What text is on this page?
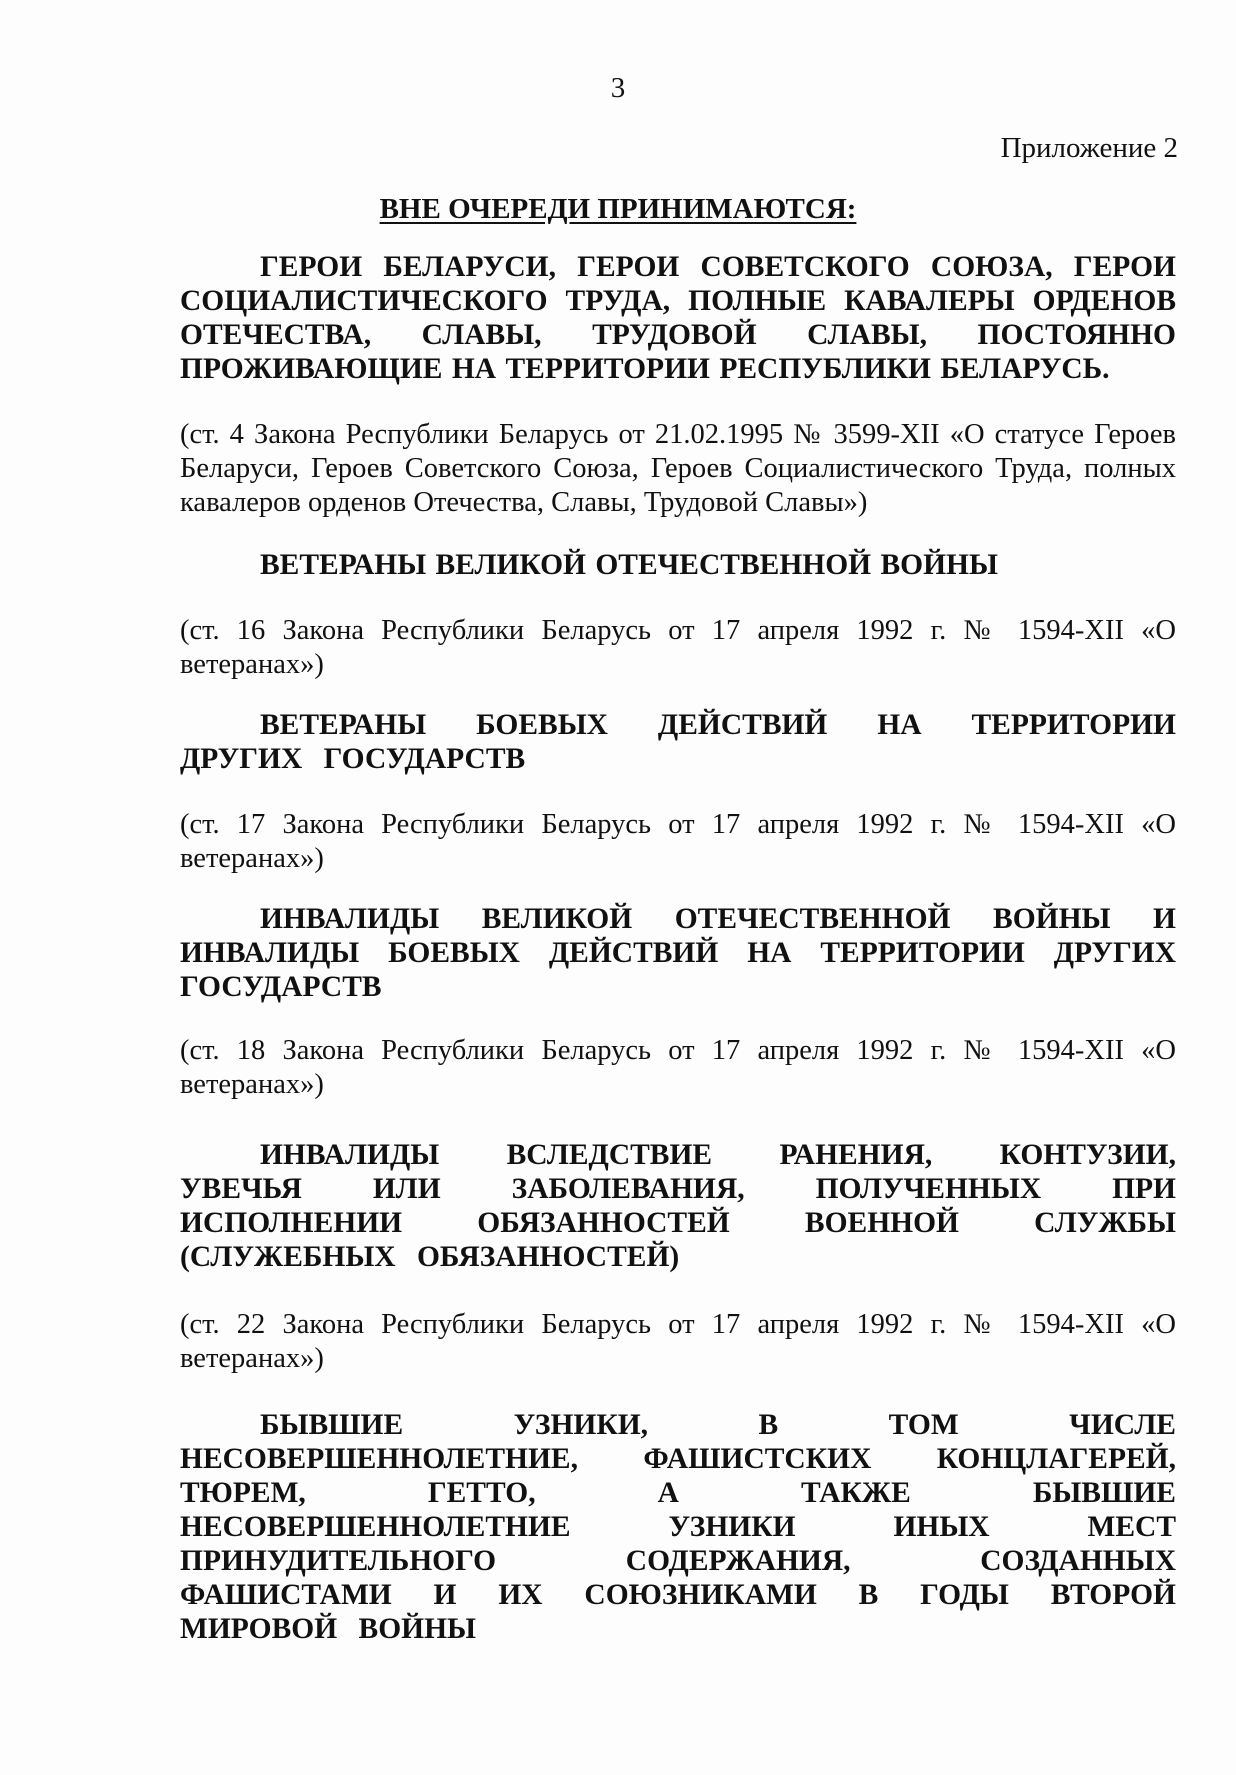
3
Приложение 2
ВНЕ ОЧЕРЕДИ ПРИНИМАЮТСЯ:

ГЕРОИ БЕЛАРУСИ, ГЕРОИ СОВЕТСКОГО СОЮЗА, ГЕРОИ СОЦИАЛИСТИЧЕСКОГО ТРУДА, ПОЛНЫЕ КАВАЛЕРЫ ОРДЕНОВ ОТЕЧЕСТВА, СЛАВЫ, ТРУДОВОЙ СЛАВЫ, ПОСТОЯННО ПРОЖИВАЮЩИЕ НА ТЕРРИТОРИИ РЕСПУБЛИКИ БЕЛАРУСЬ.

(ст. 4 Закона Республики Беларусь от 21.02.1995 № 3599-XII «О статусе Героев Беларуси, Героев Советского Союза, Героев Социалистического Труда, полных кавалеров орденов Отечества, Славы, Трудовой Славы»)

ВЕТЕРАНЫ ВЕЛИКОЙ ОТЕЧЕСТВЕННОЙ ВОЙНЫ

(ст. 16 Закона Республики Беларусь от 17 апреля 1992 г. № 1594-XII «О ветеранах»)

ВЕТЕРАНЫ БОЕВЫХ ДЕЙСТВИЙ НА ТЕРРИТОРИИ ДРУГИХ ГОСУДАРСТВ

(ст. 17 Закона Республики Беларусь от 17 апреля 1992 г. № 1594-XII «О ветеранах»)

ИНВАЛИДЫ ВЕЛИКОЙ ОТЕЧЕСТВЕННОЙ ВОЙНЫ И ИНВАЛИДЫ БОЕВЫХ ДЕЙСТВИЙ НА ТЕРРИТОРИИ ДРУГИХ ГОСУДАРСТВ

(ст. 18 Закона Республики Беларусь от 17 апреля 1992 г. № 1594-XII «О ветеранах»)

ИНВАЛИДЫ ВСЛЕДСТВИЕ РАНЕНИЯ, КОНТУЗИИ, УВЕЧЬЯ ИЛИ ЗАБОЛЕВАНИЯ, ПОЛУЧЕННЫХ ПРИ ИСПОЛНЕНИИ ОБЯЗАННОСТЕЙ ВОЕННОЙ СЛУЖБЫ (СЛУЖЕБНЫХ ОБЯЗАННОСТЕЙ)

(ст. 22 Закона Республики Беларусь от 17 апреля 1992 г. № 1594-XII «О ветеранах»)

БЫВШИЕ УЗНИКИ, В ТОМ ЧИСЛЕ НЕСОВЕРШЕННОЛЕТНИЕ, ФАШИСТСКИХ КОНЦЛАГЕРЕЙ, ТЮРЕМ, ГЕТТО, А ТАКЖЕ БЫВШИЕ НЕСОВЕРШЕННОЛЕТНИЕ УЗНИКИ ИНЫХ МЕСТ ПРИНУДИТЕЛЬНОГО СОДЕРЖАНИЯ, СОЗДАННЫХ ФАШИСТАМИ И ИХ СОЮЗНИКАМИ В ГОДЫ ВТОРОЙ МИРОВОЙ ВОЙНЫ
